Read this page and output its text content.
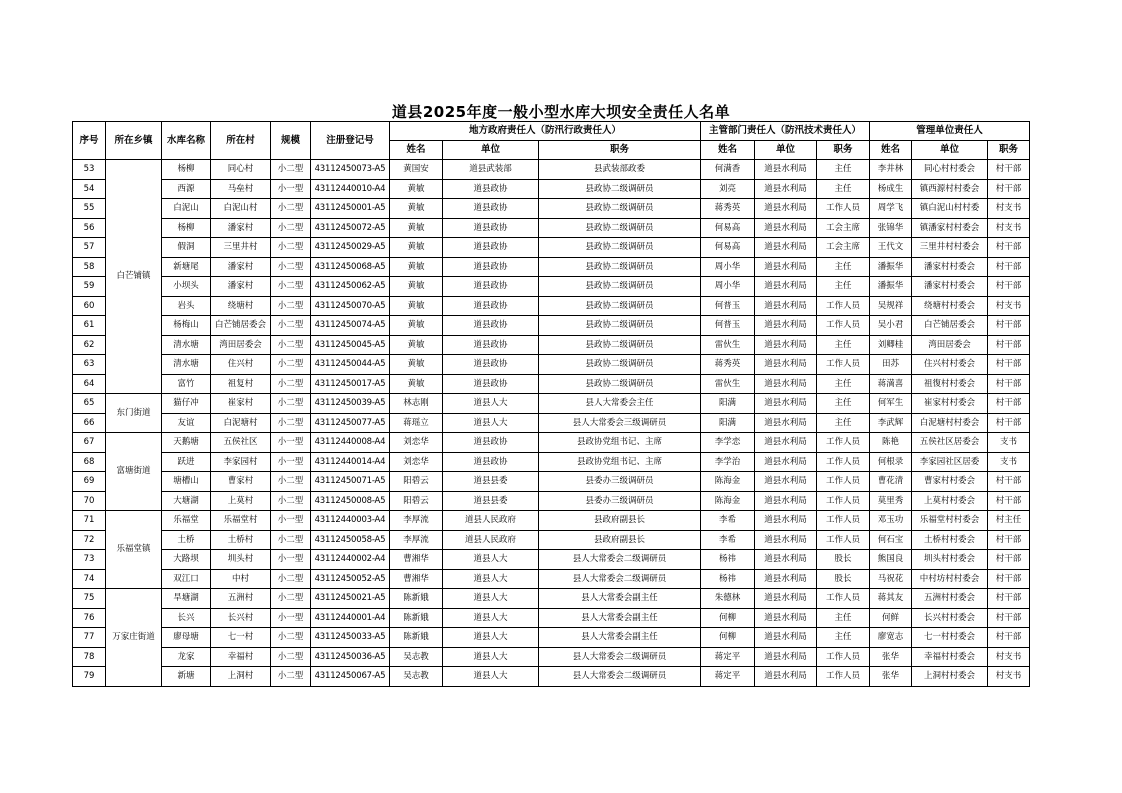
道县2025年度一般小型水库大坝安全责任人名单
序号	所在乡镇	水库名称	所在村	规模	注册登记号	地方政府责任人（防汛行政责任人）			主管部门责任人（防汛技术责任人）			管理单位责任人		
						姓名	单位	职务	姓名	单位	职务	姓名	单位	职务
53	白芒铺镇	杨柳	同心村	小二型	43112450073-A5	黄国安	道县武装部	县武装部政委	何满香	道县水利局	主任	李井林	同心村村委会	村干部
54		西源	马垒村	小一型	43112440010-A4	黄敏	道县政协	县政协二级调研员	刘亮	道县水利局	主任	杨成生	镇西源村村委会	村干部
55		白泥山	白泥山村	小二型	43112450001-A5	黄敏	道县政协	县政协二级调研员	蒋秀英	道县水利局	工作人员	周学飞	镇白泥山村村委	村支书
56		杨柳	潘家村	小二型	43112450072-A5	黄敏	道县政协	县政协二级调研员	何易高	道县水利局	工会主席	张锦华	镇潘家村村委会	村支书
57		假洞	三里井村	小二型	43112450029-A5	黄敏	道县政协	县政协二级调研员	何易高	道县水利局	工会主席	王代文	三里井村村委会	村干部
58		新塘尾	潘家村	小二型	43112450068-A5	黄敏	道县政协	县政协二级调研员	周小华	道县水利局	主任	潘振华	潘家村村委会	村干部
59		小坝头	潘家村	小二型	43112450062-A5	黄敏	道县政协	县政协二级调研员	周小华	道县水利局	主任	潘振华	潘家村村委会	村干部
60		岩头	绕塘村	小二型	43112450070-A5	黄敏	道县政协	县政协二级调研员	何普玉	道县水利局	工作人员	吴规祥	绕塘村村委会	村支书
61		杨梅山	白芒铺居委会	小二型	43112450074-A5	黄敏	道县政协	县政协二级调研员	何普玉	道县水利局	工作人员	吴小君	白芒铺居委会	村干部
62		清水塘	湾田居委会	小二型	43112450045-A5	黄敏	道县政协	县政协二级调研员	雷伙生	道县水利局	主任	刘卿桂	湾田居委会	村干部
63		清水塘	住兴村	小二型	43112450044-A5	黄敏	道县政协	县政协二级调研员	蒋秀英	道县水利局	工作人员	田苏	住兴村村委会	村干部
64		富竹	祖复村	小二型	43112450017-A5	黄敏	道县政协	县政协二级调研员	雷伙生	道县水利局	主任	蒋満喜	祖復村村委会	村干部
65	东门街道	猫仔冲	崔家村	小二型	43112450039-A5	林志刚	道县人大	县人大常委会主任	阳满	道县水利局	主任	何军生	崔家村村委会	村干部
66		友谊	白泥塘村	小二型	43112450077-A5	蒋瑶立	道县人大	县人大常委会三级调研员	阳满	道县水利局	主任	李武辉	白泥塘村村委会	村干部
67	富塘街道	天鹅塘	五侯社区	小一型	43112440008-A4	刘恋华	道县政协	县政协党组书记、主席	李学恋	道县水利局	工作人员	陈艳	五侯社区居委会	支书
68		跃进	李家园村	小一型	43112440014-A4	刘恋华	道县政协	县政协党组书记、主席	李学治	道县水利局	工作人员	何根录	李家园社区居委	支书
69		塘槽山	曹家村	小二型	43112450071-A5	阳碧云	道县县委	县委办三级调研员	陈海金	道县水利局	工作人员	曹花清	曹家村村委会	村干部
70		大塘湖	上莫村	小二型	43112450008-A5	阳碧云	道县县委	县委办三级调研员	陈海金	道县水利局	工作人员	莫里秀	上莫村村委会	村干部
71	乐福堂镇	乐福堂	乐福堂村	小一型	43112440003-A4	李厚流	道县人民政府	县政府副县长	李希	道县水利局	工作人员	邓玉功	乐福堂村村委会	村主任
72		土桥	土桥村	小二型	43112450058-A5	李厚流	道县人民政府	县政府副县长	李希	道县水利局	工作人员	何石宝	土桥村村委会	村干部
73		大路坝	圳头村	小一型	43112440002-A4	曹湘华	道县人大	县人大常委会二级调研员	杨祎	道县水利局	股长	熊国良	圳头村村委会	村干部
74		双江口	中村	小二型	43112450052-A5	曹湘华	道县人大	县人大常委会二级调研员	杨祎	道县水利局	股长	马祝花	中村坊村村委会	村干部
75	万家庄街道	旱塘湖	五洲村	小二型	43112450021-A5	陈新娥	道县人大	县人大常委会副主任	朱德林	道县水利局	工作人员	蒋其友	五洲村村委会	村干部
76		长兴	长兴村	小一型	43112440001-A4	陈新娥	道县人大	县人大常委会副主任	何柳	道县水利局	主任	何鲜	长兴村村委会	村干部
77		廖母塘	七一村	小二型	43112450033-A5	陈新娥	道县人大	县人大常委会副主任	何柳	道县水利局	主任	廖宽志	七一村村委会	村干部
78		龙家	幸福村	小二型	43112450036-A5	吴志教	道县人大	县人大常委会二级调研员	蒋定平	道县水利局	工作人员	张华	幸福村村委会	村支书
79		新塘	上洞村	小二型	43112450067-A5	吴志教	道县人大	县人大常委会二级调研员	蒋定平	道县水利局	工作人员	张华	上洞村村委会	村支书
